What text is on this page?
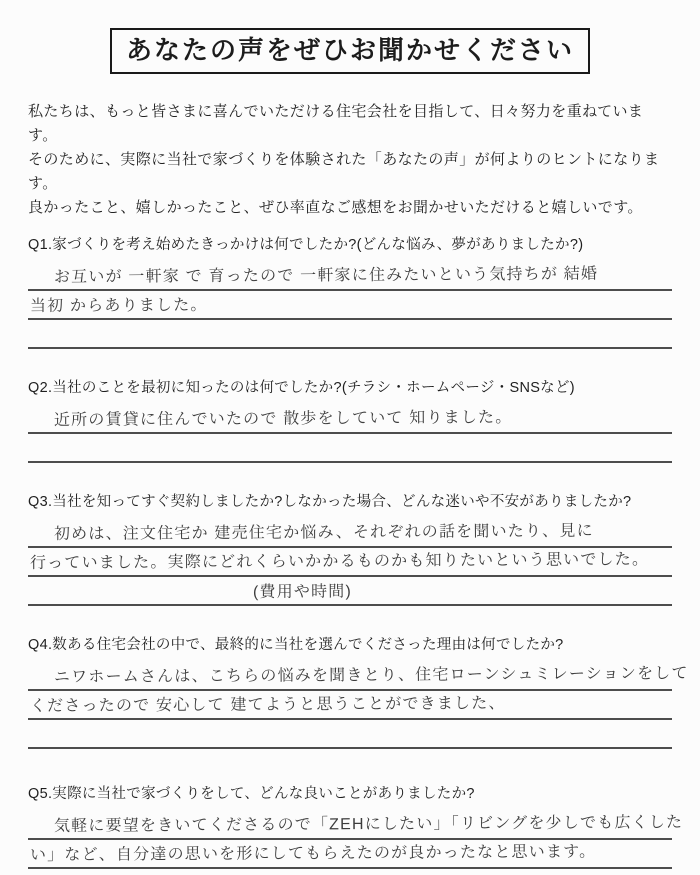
あなたの声をぜひお聞かせください

私たちは、もっと皆さまに喜んでいただける住宅会社を目指して、日々努力を重ねています。
そのために、実際に当社で家づくりを体験された「あなたの声」が何よりのヒントになります。
良かったこと、嬉しかったこと、ぜひ率直なご感想をお聞かせいただけると嬉しいです。

Q1.家づくりを考え始めたきっかけは何でしたか?(どんな悩み、夢がありましたか?)

お互いが 一軒家 で 育ったので 一軒家に住みたいという気持ちが 結婚
当初 からありました。

Q2.当社のことを最初に知ったのは何でしたか?(チラシ・ホームページ・SNSなど)

近所の賃貸に住んでいたので 散歩をしていて 知りました。

Q3.当社を知ってすぐ契約しましたか?しなかった場合、どんな迷いや不安がありましたか?

初めは、注文住宅か 建売住宅か悩み、それぞれの話を聞いたり、見に
行っていました。実際にどれくらいかかるものかも知りたいという思いでした。
(費用や時間)

Q4.数ある住宅会社の中で、最終的に当社を選んでくださった理由は何でしたか?

ニワホームさんは、こちらの悩みを聞きとり、住宅ローンシュミレーションをして
くださったので 安心して 建てようと思うことができました、

Q5.実際に当社で家づくりをして、どんな良いことがありましたか?

気軽に要望をきいてくださるので「ZEHにしたい」「リビングを少しでも広くした
い」など、自分達の思いを形にしてもらえたのが良かったなと思います。
